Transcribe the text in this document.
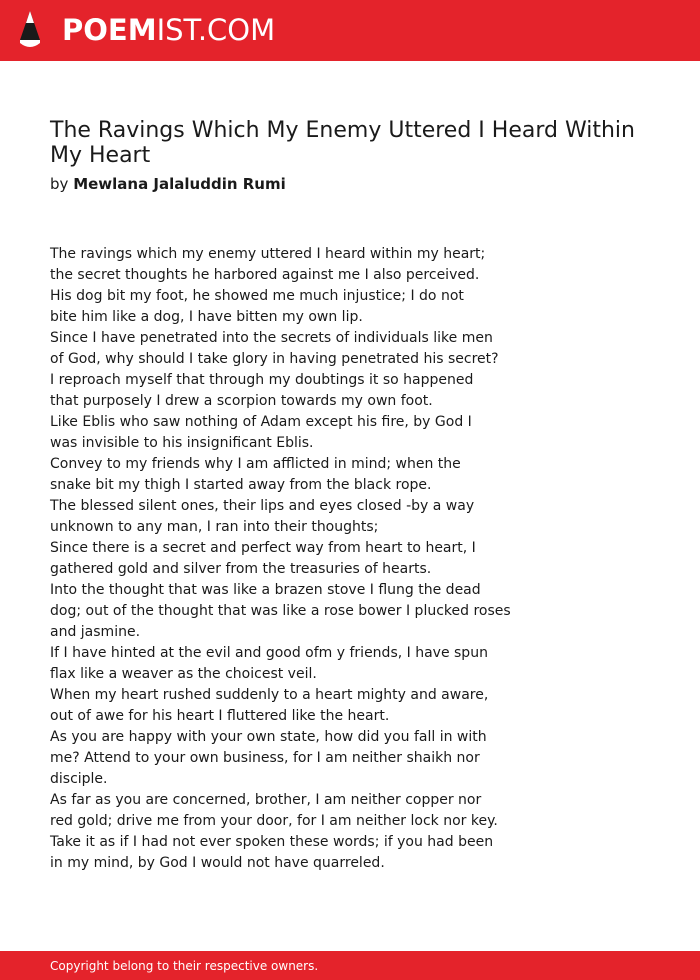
POEMIST.COM
The Ravings Which My Enemy Uttered I Heard Within My Heart
by Mewlana Jalaluddin Rumi
The ravings which my enemy uttered I heard within my heart;
the secret thoughts he harbored against me I also perceived.
His dog bit my foot, he showed me much injustice; I do not
bite him like a dog, I have bitten my own lip.
Since I have penetrated into the secrets of individuals like men
of God, why should I take glory in having penetrated his secret?
I reproach myself that through my doubtings it so happened
that purposely I drew a scorpion towards my own foot.
Like Eblis who saw nothing of Adam except his fire, by God I
was invisible to his insignificant Eblis.
Convey to my friends why I am afflicted in mind; when the
snake bit my thigh I started away from the black rope.
The blessed silent ones, their lips and eyes closed -by a way
unknown to any man, I ran into their thoughts;
Since there is a secret and perfect way from heart to heart, I
gathered gold and silver from the treasuries of hearts.
Into the thought that was like a brazen stove I flung the dead
dog; out of the thought that was like a rose bower I plucked roses
and jasmine.
If I have hinted at the evil and good ofm y friends, I have spun
flax like a weaver as the choicest veil.
When my heart rushed suddenly to a heart mighty and aware,
out of awe for his heart I fluttered like the heart.
As you are happy with your own state, how did you fall in with
me? Attend to your own business, for I am neither shaikh nor
disciple.
As far as you are concerned, brother, I am neither copper nor
red gold; drive me from your door, for I am neither lock nor key.
Take it as if I had not ever spoken these words; if you had been
in my mind, by God I would not have quarreled.
Copyright belong to their respective owners.
